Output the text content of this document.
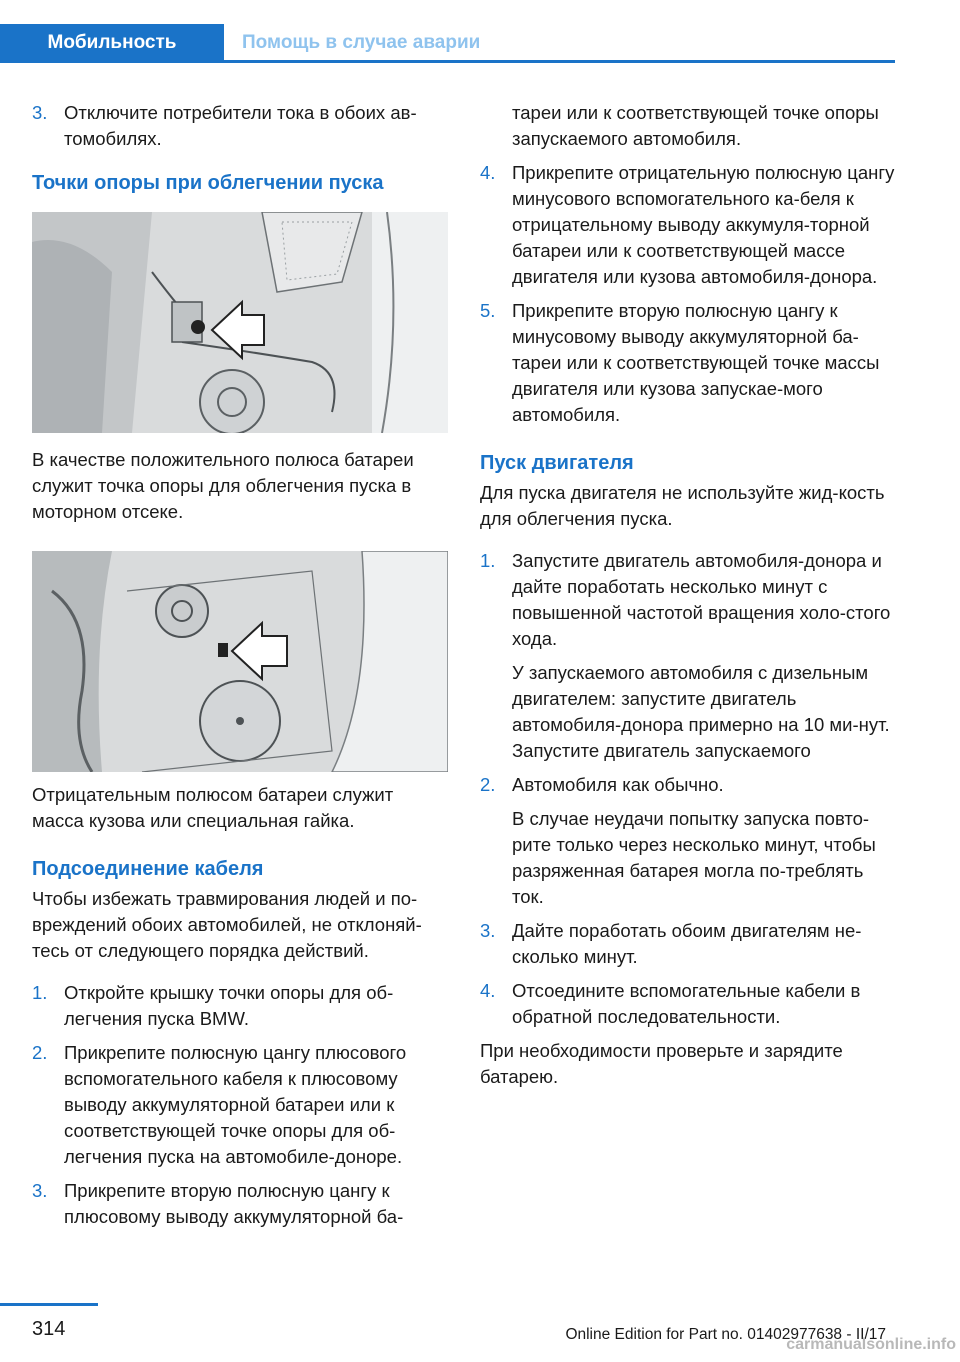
Мобильность	Помощь в случае аварии
3. Отключите потребители тока в обоих ав-томобилях.
Точки опоры при облегчении пуска

В качестве положительного полюса батареи служит точка опоры для облегчения пуска в моторном отсеке.

Отрицательным полюсом батареи служит масса кузова или специальная гайка.

Подсоединение кабеля

Чтобы избежать травмирования людей и по-вреждений обоих автомобилей, не отклоняй-тесь от следующего порядка действий.

1. Откройте крышку точки опоры для об-легчения пуска BMW.
2. Прикрепите полюсную цангу плюсового вспомогательного кабеля к плюсовому выводу аккумуляторной батареи или к соответствующей точке опоры для об-легчения пуска на автомобиле-доноре.
3. Прикрепите вторую полюсную цангу к плюсовому выводу аккумуляторной ба-
тареи или к соответствующей точке опоры запускаемого автомобиля.
4. Прикрепите отрицательную полюсную цангу минусового вспомогательного ка-беля к отрицательному выводу аккумуля-торной батареи или к соответствующей массе двигателя или кузова автомобиля-донора.
5. Прикрепите вторую полюсную цангу к минусовому выводу аккумуляторной ба-тареи или к соответствующей точке массы двигателя или кузова запускае-мого автомобиля.
Пуск двигателя

Для пуска двигателя не используйте жид-кость для облегчения пуска.

1. Запустите двигатель автомобиля-донора и дайте поработать несколько минут с повышенной частотой вращения холо-стого хода.
У запускаемого автомобиля с дизельным двигателем: запустите двигатель автомобиля-донора примерно на 10 ми-нут. Запустите двигатель запускаемого
2. Автомобиля как обычно.
В случае неудачи попытку запуска повто-рите только через несколько минут, чтобы разряженная батарея могла по-треблять ток.
3. Дайте поработать обоим двигателям не-сколько минут.
4. Отсоедините вспомогательные кабели в обратной последовательности.

При необходимости проверьте и зарядите батарею.

314	Online Edition for Part no. 01402977638 - II/17
carmanualsonline.info
